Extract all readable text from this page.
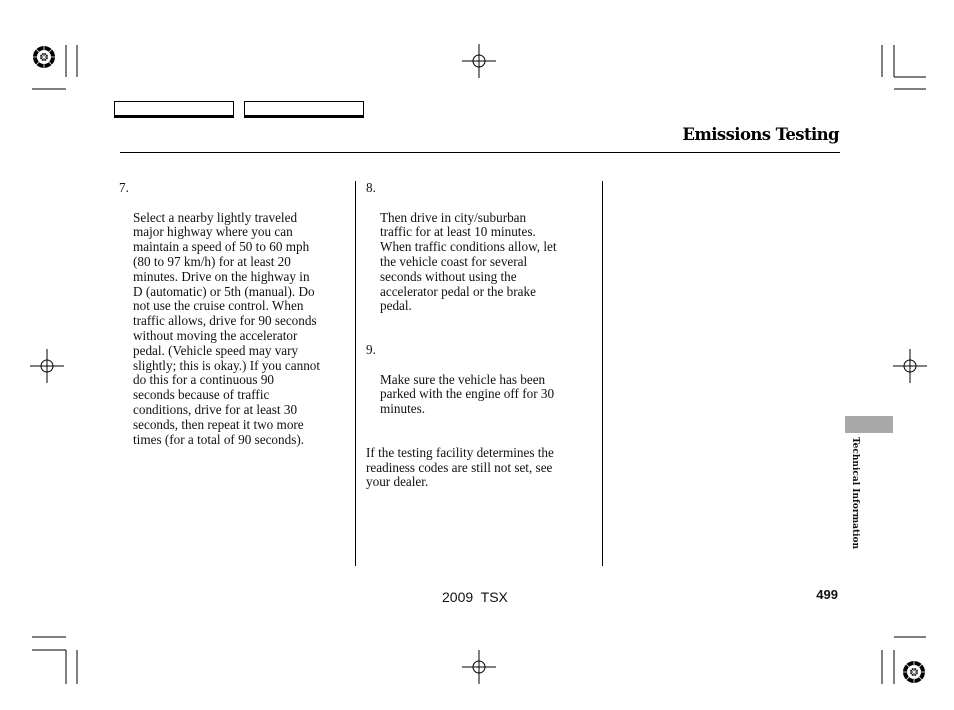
Emissions Testing

7.

Select a nearby lightly traveled
major highway where you can
maintain a speed of 50 to 60 mph
(80 to 97 km/h) for at least 20
minutes. Drive on the highway in
D (automatic) or 5th (manual). Do
not use the cruise control. When
traffic allows, drive for 90 seconds
without moving the accelerator
pedal. (Vehicle speed may vary
slightly; this is okay.) If you cannot
do this for a continuous 90
seconds because of traffic
conditions, drive for at least 30
seconds, then repeat it two more
times (for a total of 90 seconds).

8.

Then drive in city/suburban
traffic for at least 10 minutes.
When traffic conditions allow, let
the vehicle coast for several
seconds without using the
accelerator pedal or the brake
pedal.

9.

Make sure the vehicle has been
parked with the engine off for 30
minutes.

If the testing facility determines the
readiness codes are still not set, see
your dealer.	Technical Information
2009  TSX	499
